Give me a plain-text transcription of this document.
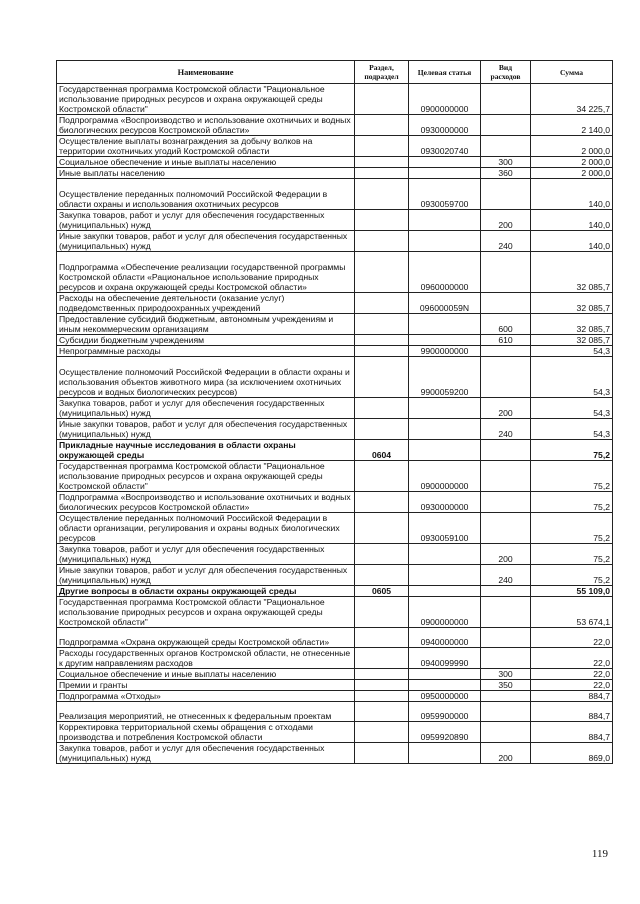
Наименование	Раздел, подраздел	Целевая статья	Вид расходов	Сумма
Государственная программа Костромской области "Рациональное использование природных ресурсов и охрана окружающей среды Костромской области"		0900000000		34 225,7
Подпрограмма «Воспроизводство и использование охотничьих и водных биологических ресурсов Костромской области»		0930000000		2 140,0
Осуществление выплаты вознаграждения за добычу волков на территории охотничьих угодий Костромской области		0930020740		2 000,0
Социальное обеспечение и иные выплаты населению			300	2 000,0
Иные выплаты населению			360	2 000,0
Осуществление переданных полномочий Российской Федерации в области охраны и использования охотничьих ресурсов		0930059700		140,0
Закупка товаров, работ и услуг для обеспечения государственных (муниципальных) нужд			200	140,0
Иные закупки товаров, работ и услуг для обеспечения государственных (муниципальных) нужд			240	140,0
Подпрограмма «Обеспечение реализации государственной программы Костромской области «Рациональное использование природных ресурсов и охрана окружающей среды Костромской области»		0960000000		32 085,7
Расходы на обеспечение деятельности (оказание услуг) подведомственных природоохранных учреждений		096000059N		32 085,7
Предоставление субсидий бюджетным, автономным учреждениям и иным некоммерческим организациям			600	32 085,7
Субсидии бюджетным учреждениям			610	32 085,7
Непрограммные расходы		9900000000		54,3
Осуществление полномочий Российской Федерации в области охраны и использования объектов животного мира (за исключением охотничьих ресурсов и водных биологических ресурсов)		9900059200		54,3
Закупка товаров, работ и услуг для обеспечения государственных (муниципальных) нужд			200	54,3
Иные закупки товаров, работ и услуг для обеспечения государственных (муниципальных) нужд			240	54,3
Прикладные научные исследования в области охраны окружающей среды	0604			75,2
Государственная программа Костромской области "Рациональное использование природных ресурсов и охрана окружающей среды Костромской области"		0900000000		75,2
Подпрограмма «Воспроизводство и использование охотничьих и водных биологических ресурсов Костромской области»		0930000000		75,2
Осуществление переданных полномочий Российской Федерации в области организации, регулирования и охраны водных биологических ресурсов		0930059100		75,2
Закупка товаров, работ и услуг для обеспечения государственных (муниципальных) нужд			200	75,2
Иные закупки товаров, работ и услуг для обеспечения государственных (муниципальных) нужд			240	75,2
Другие вопросы в области охраны окружающей среды	0605			55 109,0
Государственная программа Костромской области "Рациональное использование природных ресурсов и охрана окружающей среды Костромской области"		0900000000		53 674,1
Подпрограмма «Охрана окружающей среды Костромской области»		0940000000		22,0
Расходы государственных органов Костромской области, не отнесенные к другим направлениям расходов		0940099990		22,0
Социальное обеспечение и иные выплаты населению			300	22,0
Премии и гранты			350	22,0
Подпрограмма «Отходы»		0950000000		884,7
Реализация мероприятий, не отнесенных к федеральным проектам		0959900000		884,7
Корректировка территориальной схемы обращения с отходами производства и потребления Костромской области		0959920890		884,7
Закупка товаров, работ и услуг для обеспечения государственных (муниципальных) нужд			200	869,0
119
